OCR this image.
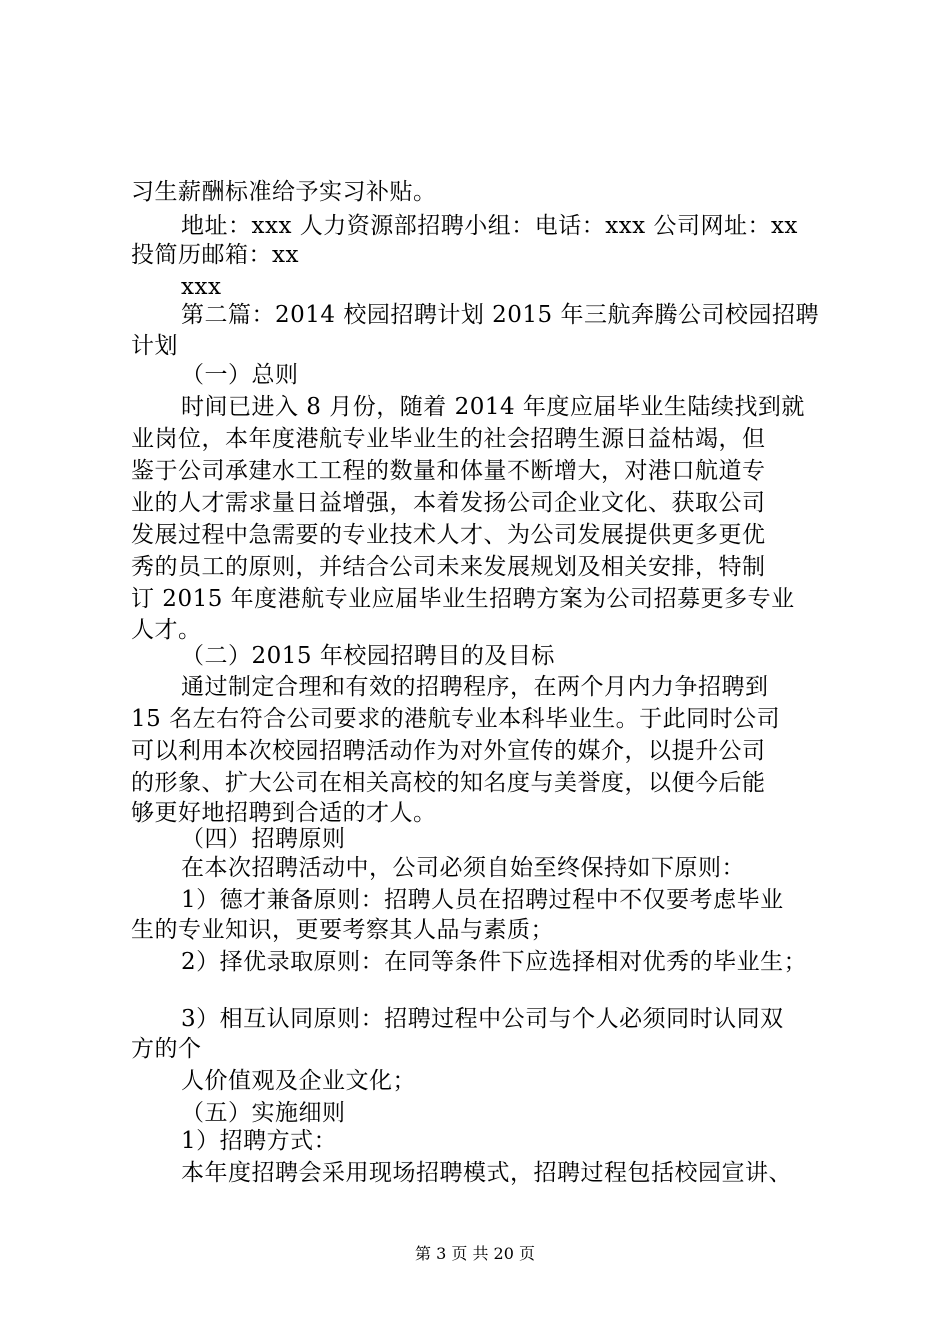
习生薪酬标准给予实习补贴。
地址：xxx 人力资源部招聘小组：电话：xxx 公司网址：xx
投简历邮箱：xx
xxx
第二篇：2014 校园招聘计划 2015 年三航奔腾公司校园招聘
计划
（一）总则
时间已进入 8 月份，随着 2014 年度应届毕业生陆续找到就
业岗位，本年度港航专业毕业生的社会招聘生源日益枯竭，但
鉴于公司承建水工工程的数量和体量不断增大，对港口航道专
业的人才需求量日益增强，本着发扬公司企业文化、获取公司
发展过程中急需要的专业技术人才、为公司发展提供更多更优
秀的员工的原则，并结合公司未来发展规划及相关安排，特制
订 2015 年度港航专业应届毕业生招聘方案为公司招募更多专业
人才。
（二）2015 年校园招聘目的及目标
通过制定合理和有效的招聘程序，在两个月内力争招聘到
15 名左右符合公司要求的港航专业本科毕业生。于此同时公司
可以利用本次校园招聘活动作为对外宣传的媒介，以提升公司
的形象、扩大公司在相关高校的知名度与美誉度，以便今后能
够更好地招聘到合适的才人。
（四）招聘原则
在本次招聘活动中，公司必须自始至终保持如下原则：
1）德才兼备原则：招聘人员在招聘过程中不仅要考虑毕业
生的专业知识，更要考察其人品与素质；
2）择优录取原则：在同等条件下应选择相对优秀的毕业生；
3）相互认同原则：招聘过程中公司与个人必须同时认同双
方的个
人价值观及企业文化；
（五）实施细则
1）招聘方式：
本年度招聘会采用现场招聘模式，招聘过程包括校园宣讲、
第 3 页 共 20 页
